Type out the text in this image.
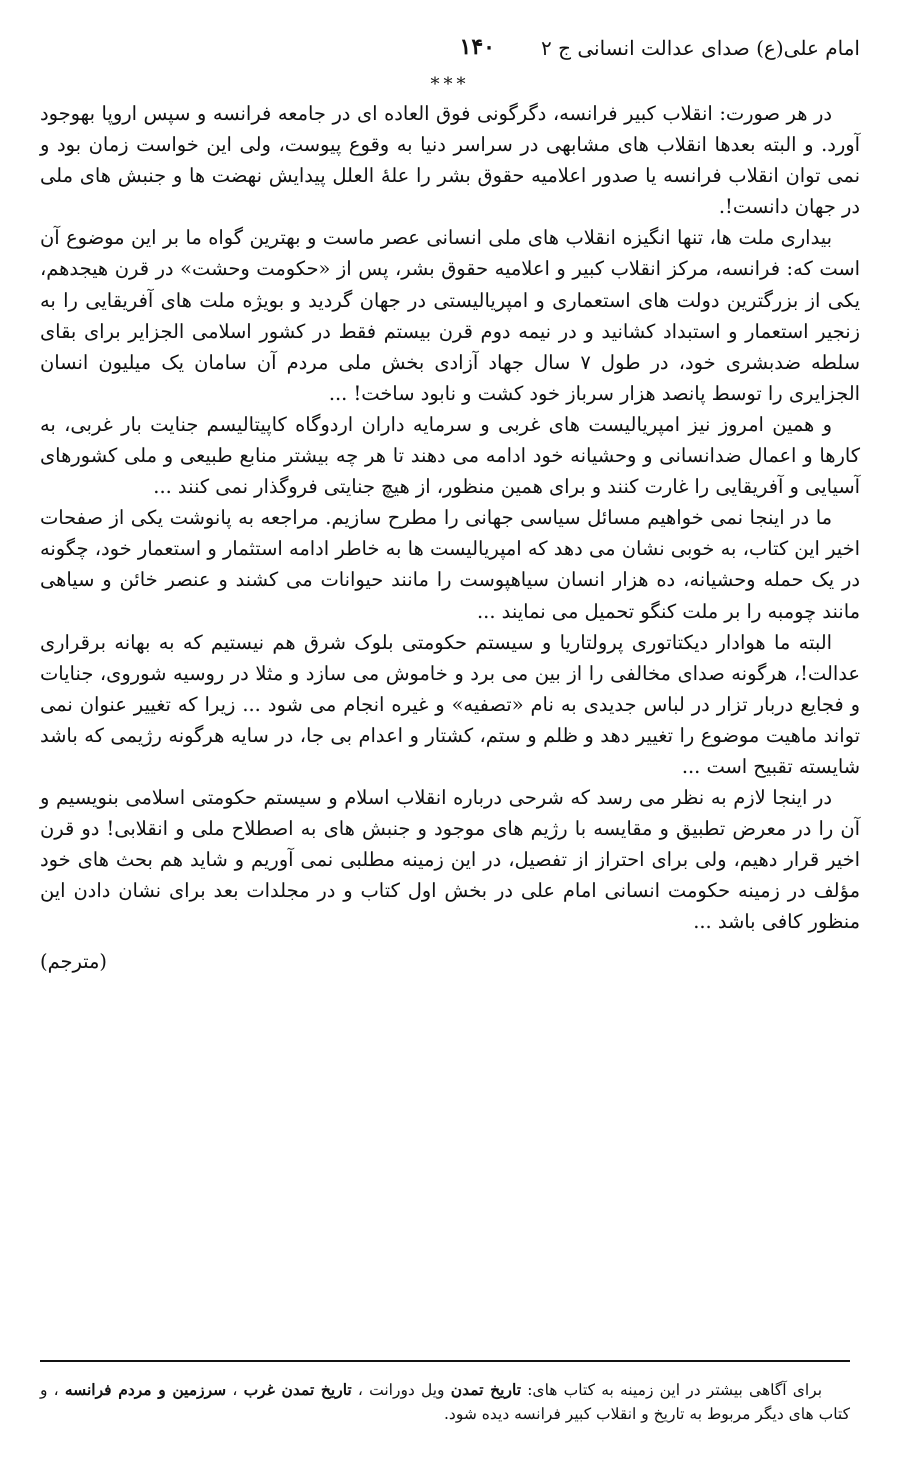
امام علی(ع) صدای عدالت انسانی ج ۲
۱۴۰
***

در هر صورت: انقلاب کبیر فرانسه، دگرگونی فوق العاده ای در جامعه فرانسه و سپس اروپا بهوجود آورد. و البته بعدها انقلاب های مشابهی در سراسر دنیا به وقوع پیوست، ولی این خواست زمان بود و نمی توان انقلاب فرانسه یا صدور اعلامیه حقوق بشر را علهٔ العلل پیدایش نهضت ها و جنبش های ملی در جهان دانست!.

بیداری ملت ها، تنها انگیزه انقلاب های ملی انسانی عصر ماست و بهترین گواه ما بر این موضوع آن است که: فرانسه، مرکز انقلاب کبیر و اعلامیه حقوق بشر، پس از «حکومت وحشت» در قرن هیجدهم، یکی از بزرگترین دولت های استعماری و امپریالیستی در جهان گردید و بویژه ملت های آفریقایی را به زنجیر استعمار و استبداد کشانید و در نیمه دوم قرن بیستم فقط در کشور اسلامی الجزایر برای بقای سلطه ضدبشری خود، در طول ۷ سال جهاد آزادی بخش ملی مردم آن سامان یک میلیون انسان الجزایری را توسط پانصد هزار سرباز خود کشت و نابود ساخت! ...

و همین امروز نیز امپریالیست های غربی و سرمایه داران اردوگاه کاپیتالیسم جنایت بار غربی، به کارها و اعمال ضدانسانی و وحشیانه خود ادامه می دهند تا هر چه بیشتر منابع طبیعی و ملی کشورهای آسیایی و آفریقایی را غارت کنند و برای همین منظور، از هیچ جنایتی فروگذار نمی کنند ...

ما در اینجا نمی خواهیم مسائل سیاسی جهانی را مطرح سازیم. مراجعه به پانوشت یکی از صفحات اخیر این کتاب، به خوبی نشان می دهد که امپریالیست ها به خاطر ادامه استثمار و استعمار خود، چگونه در یک حمله وحشیانه، ده هزار انسان سیاهپوست را مانند حیوانات می کشند و عنصر خائن و سیاهی مانند چومبه را بر ملت کنگو تحمیل می نمایند ...

البته ما هوادار دیکتاتوری پرولتاریا و سیستم حکومتی بلوک شرق هم نیستیم که به بهانه برقراری عدالت!، هرگونه صدای مخالفی را از بین می برد و خاموش می سازد و مثلا در روسیه شوروی، جنایات و فجایع دربار تزار در لباس جدیدی به نام «تصفیه» و غیره انجام می شود ... زیرا که تغییر عنوان نمی تواند ماهیت موضوع را تغییر دهد و ظلم و ستم، کشتار و اعدام بی جا، در سایه هرگونه رژیمی که باشد شایسته تقبیح است ...

در اینجا لازم به نظر می رسد که شرحی درباره انقلاب اسلام و سیستم حکومتی اسلامی بنویسیم و آن را در معرض تطبیق و مقایسه با رژیم های موجود و جنبش های به اصطلاح ملی و انقلابی! دو قرن اخیر قرار دهیم، ولی برای احتراز از تفصیل، در این زمینه مطلبی نمی آوریم و شاید هم بحث های خود مؤلف در زمینه حکومت انسانی امام علی در بخش اول کتاب و در مجلدات بعد برای نشان دادن این منظور کافی باشد ...

(مترجم)
برای آگاهی بیشتر در این زمینه به کتاب های: تاریخ تمدن ویل دورانت ، تاریخ تمدن غرب ، سرزمین و مردم فرانسه ، و کتاب های دیگر مربوط به تاریخ و انقلاب کبیر فرانسه دیده شود.
